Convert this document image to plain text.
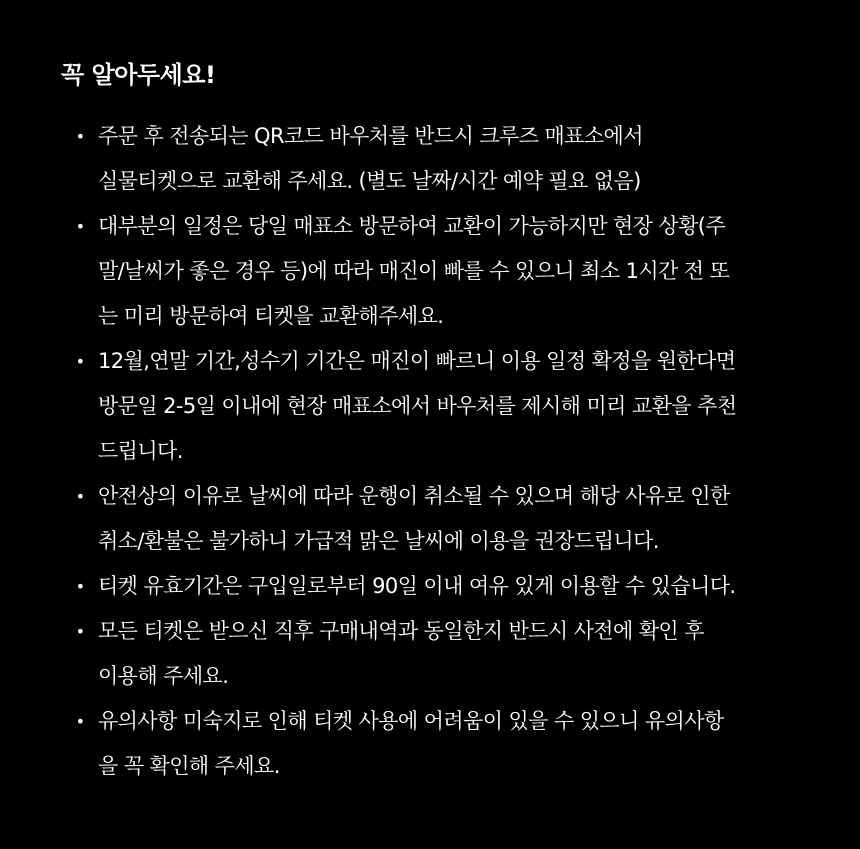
꼭 알아두세요!
• 주문 후 전송되는 QR코드 바우처를 반드시 크루즈 매표소에서
실물티켓으로 교환해 주세요. (별도 날짜/시간 예약 필요 없음)
• 대부분의 일정은 당일 매표소 방문하여 교환이 가능하지만 현장 상황(주
말/날씨가 좋은 경우 등)에 따라 매진이 빠를 수 있으니 최소 1시간 전 또
는 미리 방문하여 티켓을 교환해주세요.
• 12월,연말 기간,성수기 기간은 매진이 빠르니 이용 일정 확정을 원한다면
방문일 2-5일 이내에 현장 매표소에서 바우처를 제시해 미리 교환을 추천
드립니다.
• 안전상의 이유로 날씨에 따라 운행이 취소될 수 있으며 해당 사유로 인한
취소/환불은 불가하니 가급적 맑은 날씨에 이용을 권장드립니다.
• 티켓 유효기간은 구입일로부터 90일 이내 여유 있게 이용할 수 있습니다.
• 모든 티켓은 받으신 직후 구매내역과 동일한지 반드시 사전에 확인 후
이용해 주세요.
• 유의사항 미숙지로 인해 티켓 사용에 어려움이 있을 수 있으니 유의사항
을 꼭 확인해 주세요.
